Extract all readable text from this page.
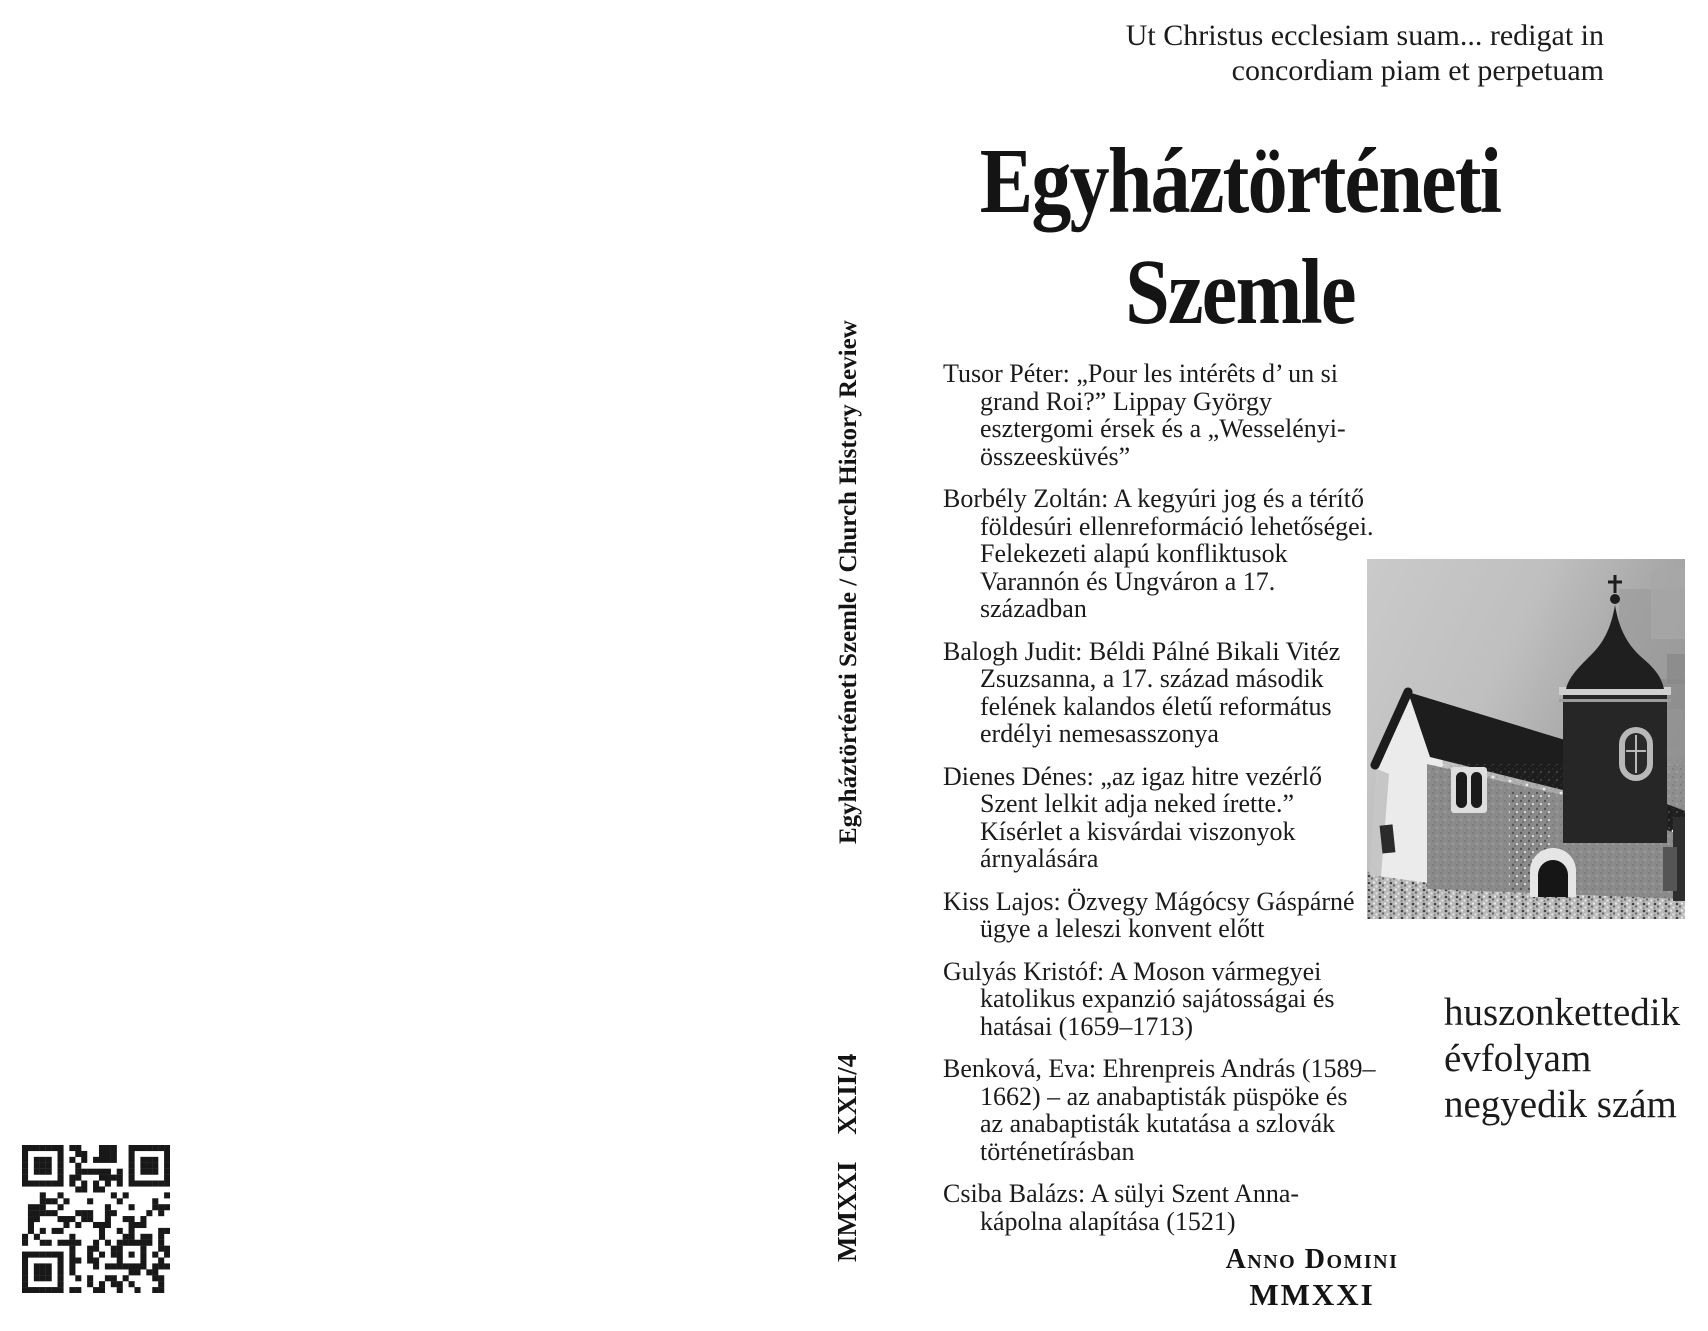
Ut Christus ecclesiam suam... redigat in
concordiam piam et perpetuam
Egyháztörténeti
Szemle
Egyháztörténeti Szemle / Church History Review
MMXXI XXII/4
Tusor Péter: „Pour les intérêts d’ un si grand Roi?” Lippay György esztergomi érsek és a „Wesselényi-összeesküvés”
Borbély Zoltán: A kegyúri jog és a térítő földesúri ellenreformáció lehetőségei. Felekezeti alapú konfliktusok Varannón és Ungváron a 17. században
Balogh Judit: Béldi Pálné Bikali Vitéz Zsuzsanna, a 17. század második felének kalandos életű református erdélyi nemesasszonya
Dienes Dénes: „az igaz hitre vezérlő Szent lelkit adja neked írette.” Kísérlet a kisvárdai viszonyok árnyalására
Kiss Lajos: Özvegy Mágócsy Gáspárné ügye a leleszi konvent előtt
Gulyás Kristóf: A Moson vármegyei katolikus expanzió sajátosságai és hatásai (1659–1713)
Benková, Eva: Ehrenpreis András (1589–1662) – az anabaptisták püspöke és az anabaptisták kutatása a szlovák történetírásban
Csiba Balázs: A sülyi Szent Anna-kápolna alapítása (1521)
huszonkettedik
évfolyam
negyedik szám
Anno Domini
MMXXI
